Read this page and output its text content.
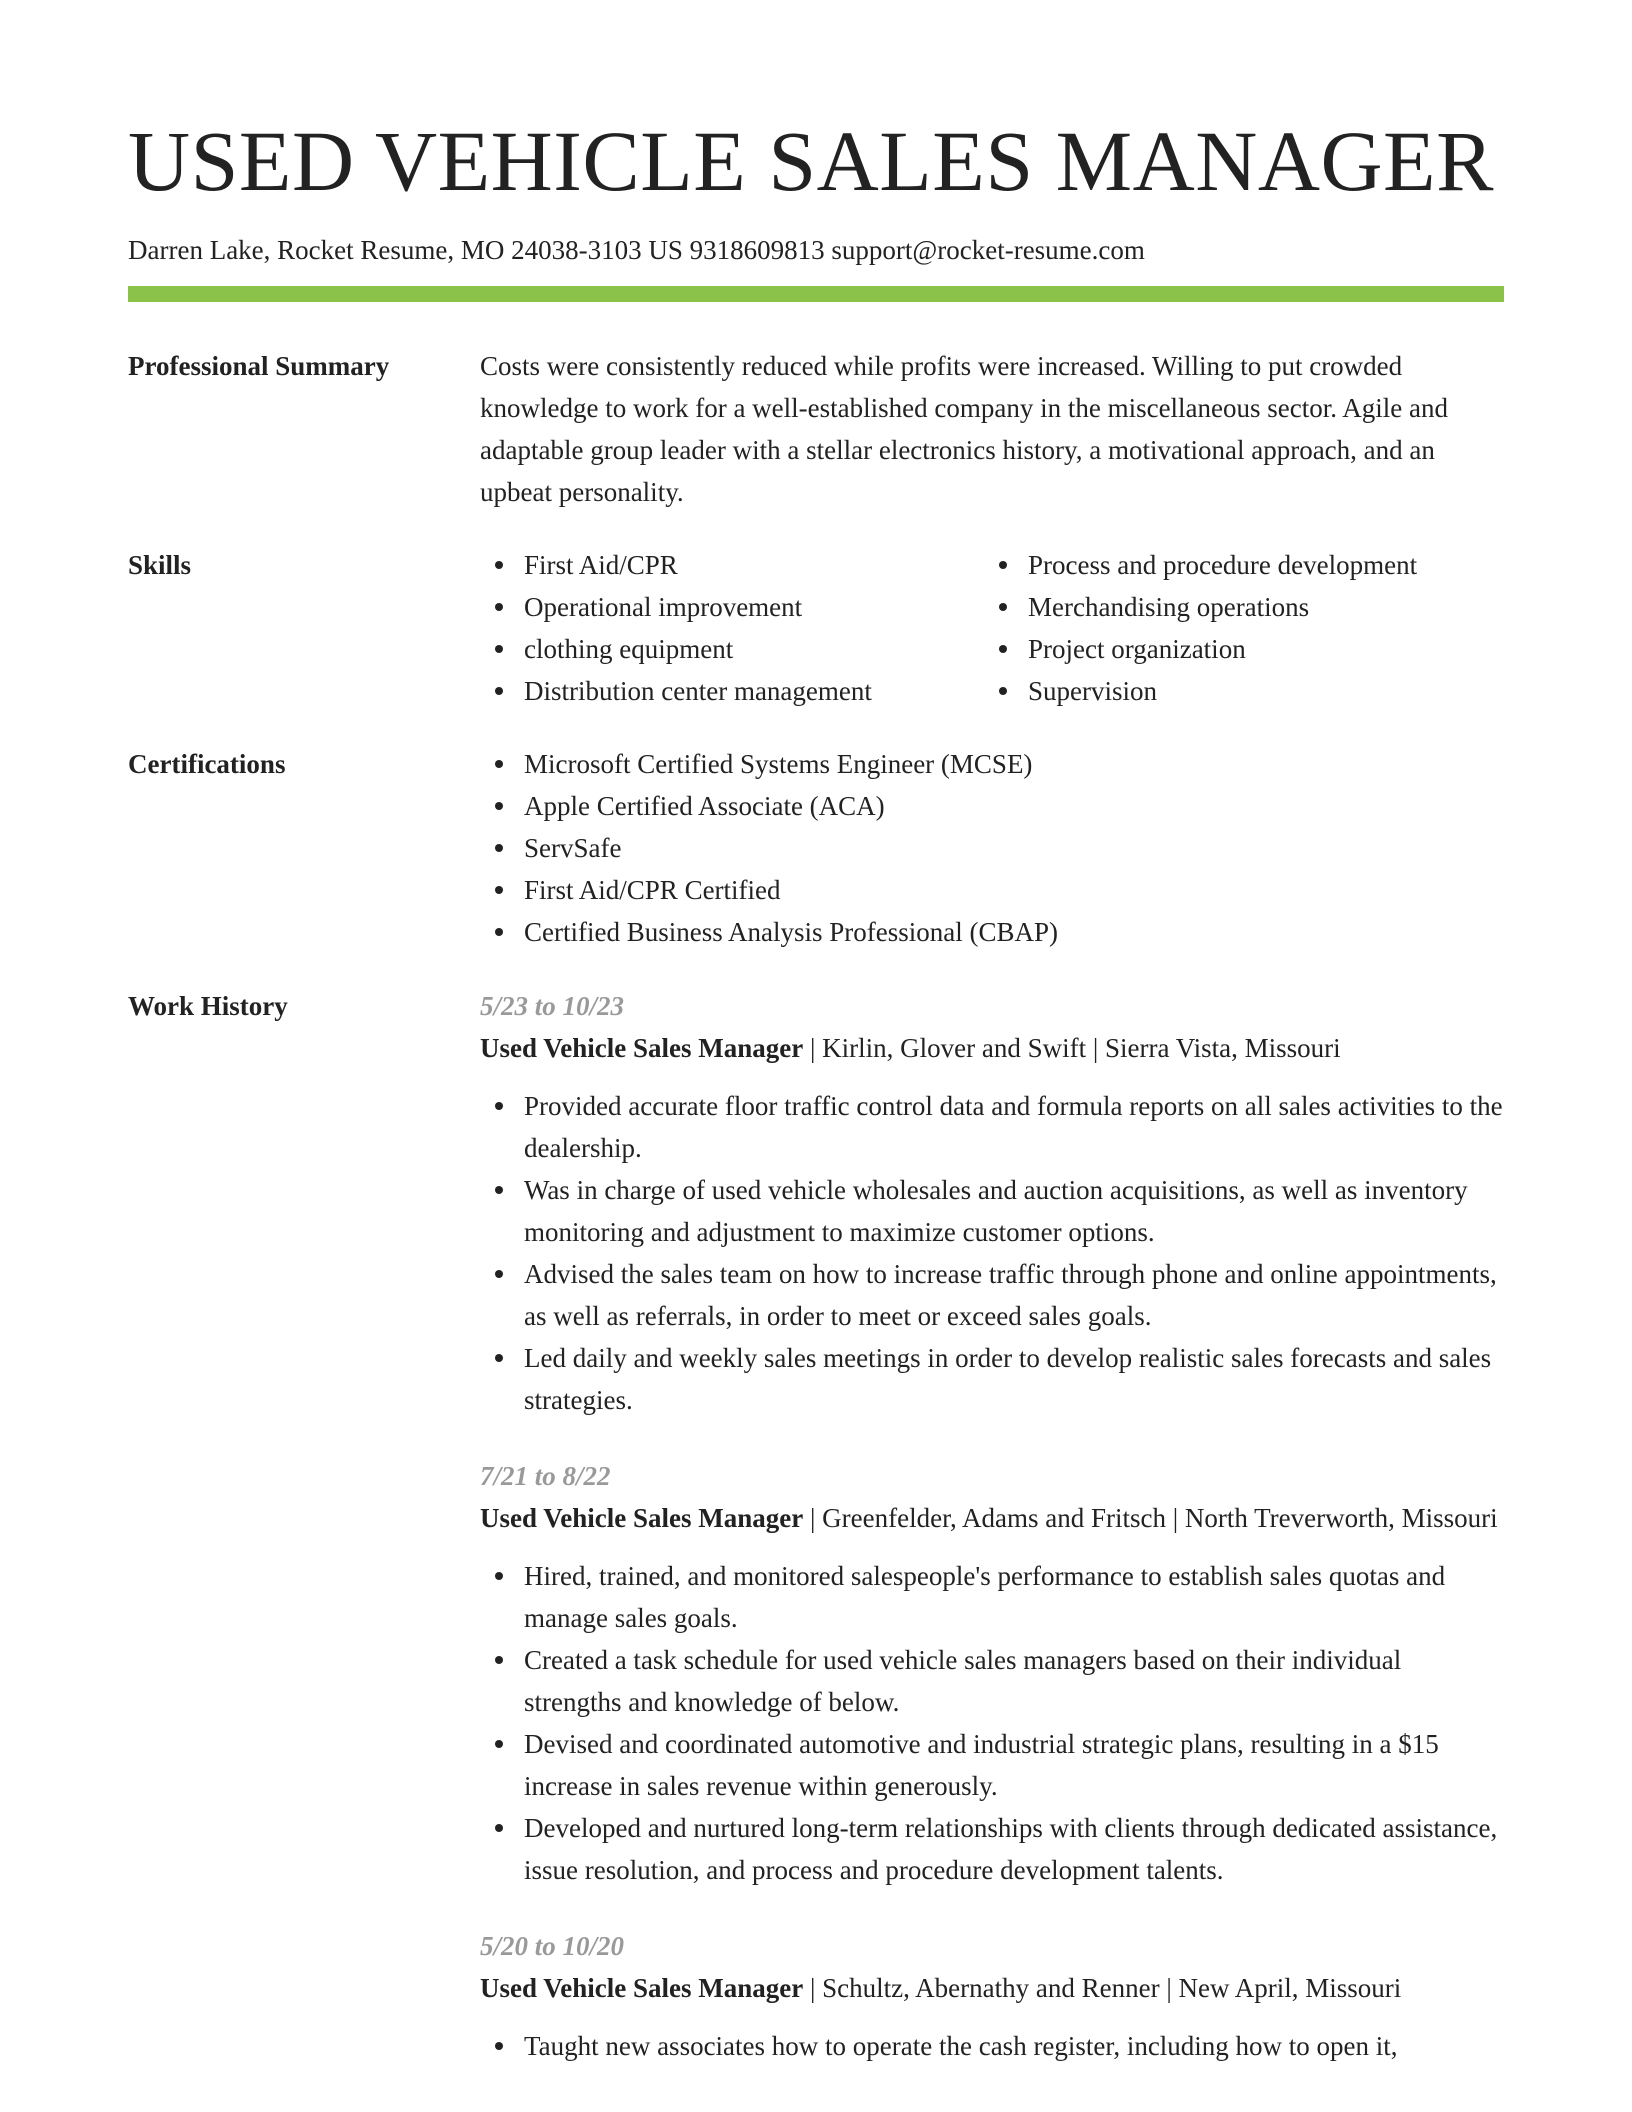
USED VEHICLE SALES MANAGER
Darren Lake, Rocket Resume, MO 24038-3103 US 9318609813 support@rocket-resume.com
Professional Summary	Costs were consistently reduced while profits were increased. Willing to put crowded knowledge to work for a well-established company in the miscellaneous sector. Agile and adaptable group leader with a stellar electronics history, a motivational approach, and an upbeat personality.
Skills	First Aid/CPR
Operational improvement
clothing equipment
Distribution center management
Process and procedure development
Merchandising operations
Project organization
Supervision
Certifications	Microsoft Certified Systems Engineer (MCSE)
Apple Certified Associate (ACA)
ServSafe
First Aid/CPR Certified
Certified Business Analysis Professional (CBAP)
Work History	5/23 to 10/23
Used Vehicle Sales Manager | Kirlin, Glover and Swift | Sierra Vista, Missouri
Provided accurate floor traffic control data and formula reports on all sales activities to the dealership.
Was in charge of used vehicle wholesales and auction acquisitions, as well as inventory monitoring and adjustment to maximize customer options.
Advised the sales team on how to increase traffic through phone and online appointments, as well as referrals, in order to meet or exceed sales goals.
Led daily and weekly sales meetings in order to develop realistic sales forecasts and sales strategies.
7/21 to 8/22
Used Vehicle Sales Manager | Greenfelder, Adams and Fritsch | North Treverworth, Missouri
Hired, trained, and monitored salespeople's performance to establish sales quotas and manage sales goals.
Created a task schedule for used vehicle sales managers based on their individual strengths and knowledge of below.
Devised and coordinated automotive and industrial strategic plans, resulting in a $15 increase in sales revenue within generously.
Developed and nurtured long-term relationships with clients through dedicated assistance, issue resolution, and process and procedure development talents.
5/20 to 10/20
Used Vehicle Sales Manager | Schultz, Abernathy and Renner | New April, Missouri
Taught new associates how to operate the cash register, including how to open it,
